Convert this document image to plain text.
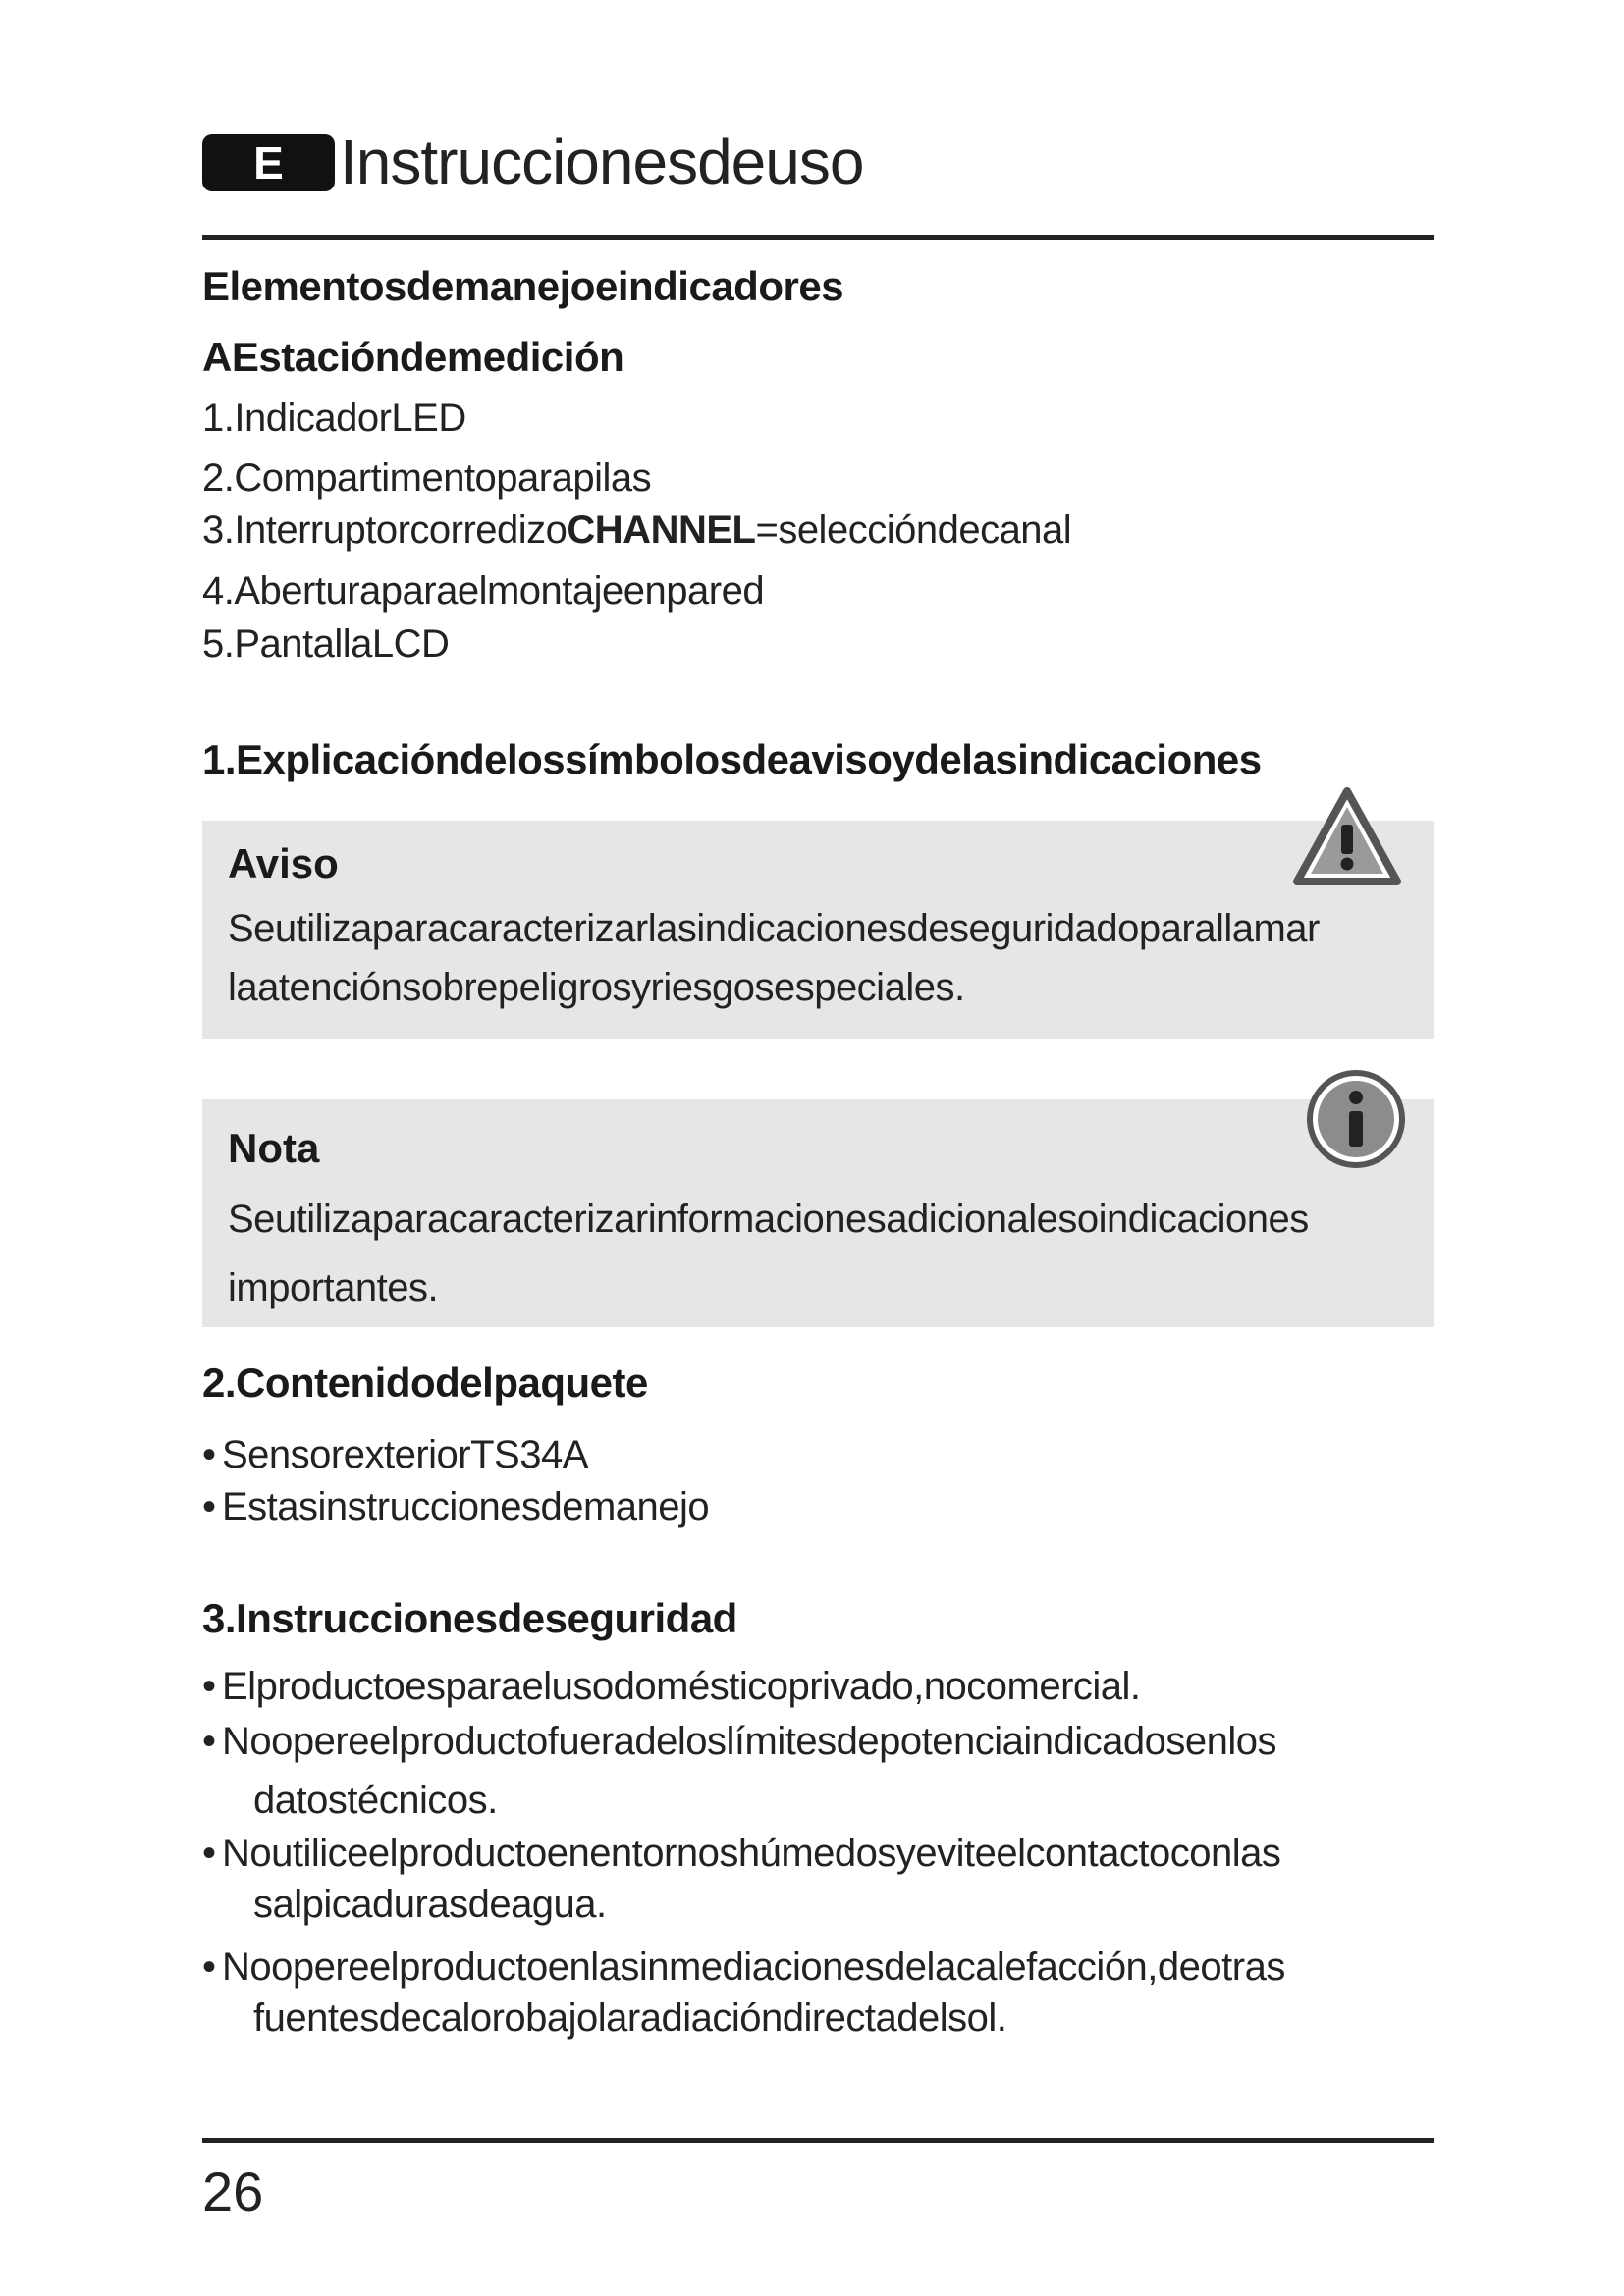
E Instruccionesdeuso
Elementosdemanejoeindicadores
AEstacióndemedición
1.IndicadorLED
2.Compartimentoparapilas
3.InterruptorcorredizoCHANNEL=seleccióndecanal
4.Aberturaparaelmontajeenpared
5.PantallaLCD
1.Explicacióndelossímbolosdeavisoydelasindicaciones
Aviso
Seutilizaparacaracterizarlasindicacionesdeseguridadoparallamar
laatenciónsobrepeligrosyriesgosespeciales.
Nota
Seutilizaparacaracterizarinformacionesadicionalesoindicaciones
importantes.
2.Contenidodelpaquete
• SensorexteriorTS34A
• Estasinstruccionesdemanejo
3.Instruccionesdeseguridad
• Elproductoesparaelusodomésticoprivado,nocomercial.
• Noopereelproductofueradeloslímitesdepotenciaindicadosenlos
datostécnicos.
• Noutiliceelproductoenentornoshúmedosyeviteelcontactoconlas
salpicadurasdeagua.
• Noopereelproductoenlasinmediacionesdelacalefacción,deotras
fuentesdecalorobajolaradiacióndirectadelsol.
26
